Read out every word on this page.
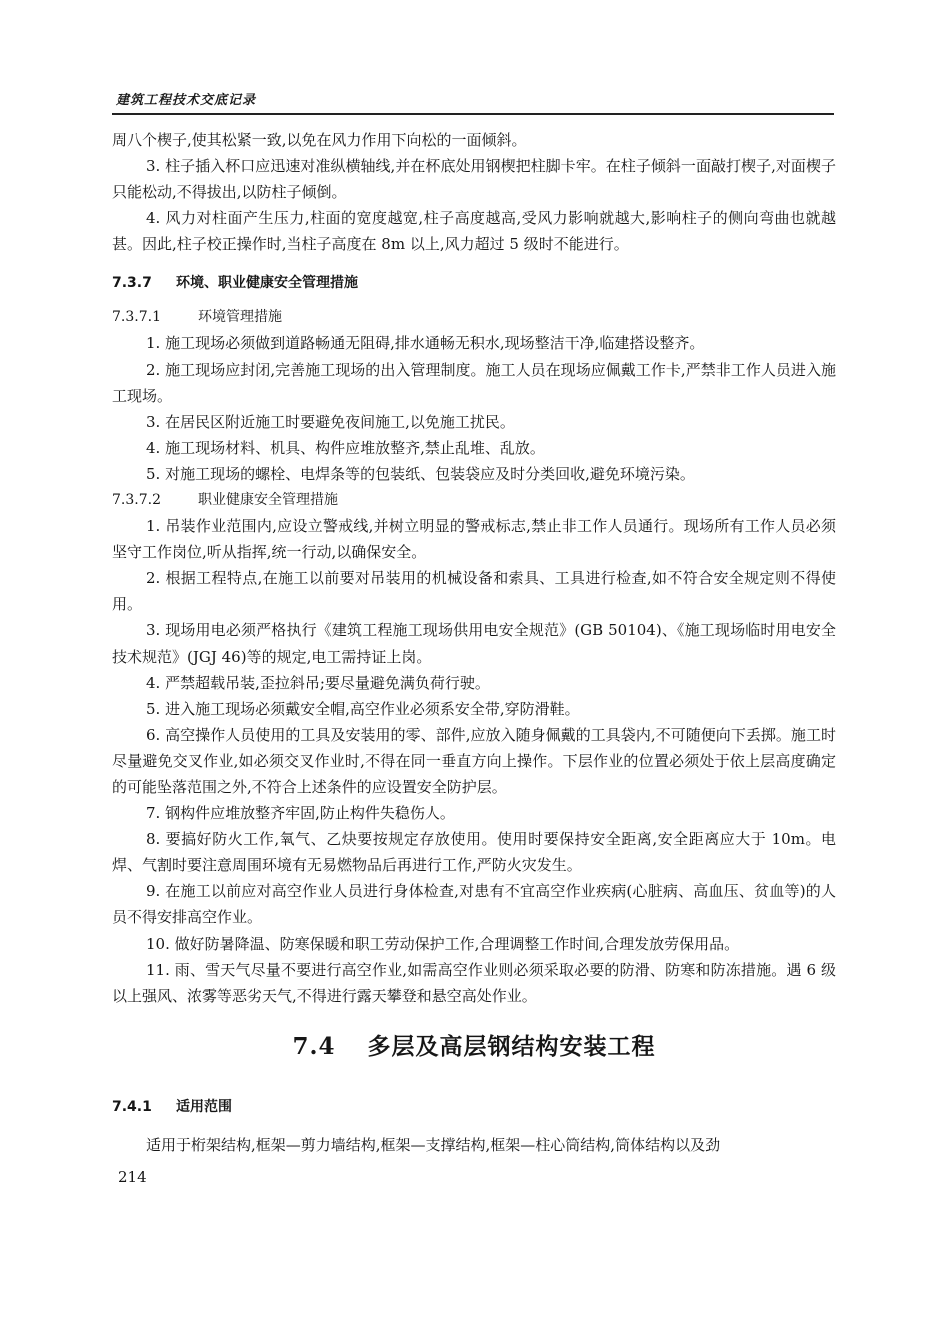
建筑工程技术交底记录

周八个楔子,使其松紧一致,以免在风力作用下向松的一面倾斜。

3. 柱子插入杯口应迅速对准纵横轴线,并在杯底处用钢楔把柱脚卡牢。在柱子倾斜一面敲打楔子,对面楔子只能松动,不得拔出,以防柱子倾倒。

4. 风力对柱面产生压力,柱面的宽度越宽,柱子高度越高,受风力影响就越大,影响柱子的侧向弯曲也就越甚。因此,柱子校正操作时,当柱子高度在 8m 以上,风力超过 5 级时不能进行。

7.3.7 环境、职业健康安全管理措施
7.3.7.1	环境管理措施

1. 施工现场必须做到道路畅通无阻碍,排水通畅无积水,现场整洁干净,临建搭设整齐。

2. 施工现场应封闭,完善施工现场的出入管理制度。施工人员在现场应佩戴工作卡,严禁非工作人员进入施工现场。

3. 在居民区附近施工时要避免夜间施工,以免施工扰民。

4. 施工现场材料、机具、构件应堆放整齐,禁止乱堆、乱放。

5. 对施工现场的螺栓、电焊条等的包装纸、包装袋应及时分类回收,避免环境污染。

7.3.7.2	职业健康安全管理措施

1. 吊装作业范围内,应设立警戒线,并树立明显的警戒标志,禁止非工作人员通行。现场所有工作人员必须坚守工作岗位,听从指挥,统一行动,以确保安全。

2. 根据工程特点,在施工以前要对吊装用的机械设备和索具、工具进行检查,如不符合安全规定则不得使用。

3. 现场用电必须严格执行《建筑工程施工现场供用电安全规范》(GB 50104)、《施工现场临时用电安全技术规范》(JGJ 46)等的规定,电工需持证上岗。

4. 严禁超载吊装,歪拉斜吊;要尽量避免满负荷行驶。

5. 进入施工现场必须戴安全帽,高空作业必须系安全带,穿防滑鞋。

6. 高空操作人员使用的工具及安装用的零、部件,应放入随身佩戴的工具袋内,不可随便向下丢掷。施工时尽量避免交叉作业,如必须交叉作业时,不得在同一垂直方向上操作。下层作业的位置必须处于依上层高度确定的可能坠落范围之外,不符合上述条件的应设置安全防护层。

7. 钢构件应堆放整齐牢固,防止构件失稳伤人。

8. 要搞好防火工作,氧气、乙炔要按规定存放使用。使用时要保持安全距离,安全距离应大于 10m。电焊、气割时要注意周围环境有无易燃物品后再进行工作,严防火灾发生。

9. 在施工以前应对高空作业人员进行身体检查,对患有不宜高空作业疾病(心脏病、高血压、贫血等)的人员不得安排高空作业。

10. 做好防暑降温、防寒保暖和职工劳动保护工作,合理调整工作时间,合理发放劳保用品。

11. 雨、雪天气尽量不要进行高空作业,如需高空作业则必须采取必要的防滑、防寒和防冻措施。遇 6 级以上强风、浓雾等恶劣天气,不得进行露天攀登和悬空高处作业。

7.4 多层及高层钢结构安装工程
7.4.1 适用范围

适用于桁架结构,框架—剪力墙结构,框架—支撑结构,框架—柱心筒结构,筒体结构以及劲

214
